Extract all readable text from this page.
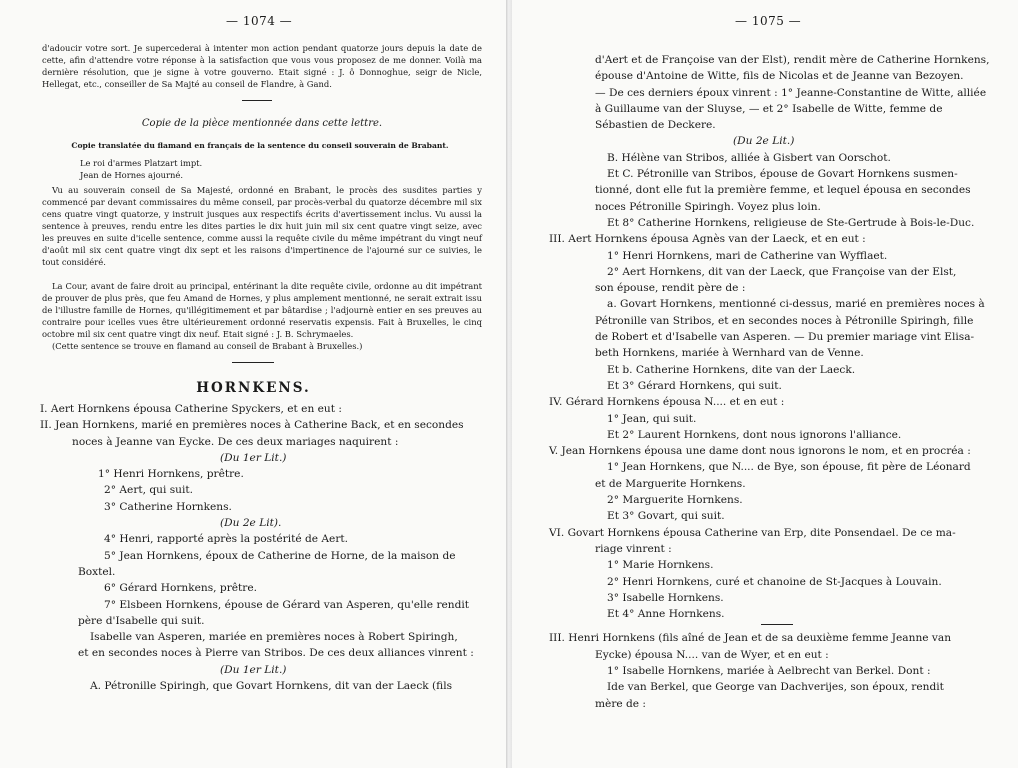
— 1074 —

d'adoucir votre sort. Je supercederai à intenter mon action pendant quatorze jours depuis la date de cette, afin d'attendre votre réponse à la satisfaction que vous vous proposez de me donner. Voilà ma dernière résolution, que je signe à votre gouverno. Etait signé : J. ô Donnoghue, seigr de Nicle, Hellegat, etc., conseiller de Sa Majté au conseil de Flandre, à Gand.

Copie de la pièce mentionnée dans cette lettre.
Copie translatée du flamand en français de la sentence du conseil souverain de Brabant.

Le roi d'armes Platzart impt.

Jean de Hornes ajourné.

Vu au souverain conseil de Sa Majesté, ordonné en Brabant, le procès des susdites parties y commencé par devant commissaires du même conseil, par procès-verbal du quatorze décembre mil six cens quatre vingt quatorze, y instruit jusques aux respectifs écrits d'avertissement inclus. Vu aussi la sentence à preuves, rendu entre les dites parties le dix huit juin mil six cent quatre vingt seize, avec les preuves en suite d'icelle sentence, comme aussi la requête civile du même impétrant du vingt neuf d'août mil six cent quatre vingt dix sept et les raisons d'impertinence de l'ajourné sur ce suivies, le tout considéré.

La Cour, avant de faire droit au principal, entérinant la dite requête civile, ordonne au dit impétrant de prouver de plus près, que feu Amand de Hornes, y plus amplement mentionné, ne serait extrait issu de l'illustre famille de Hornes, qu'illégitimement et par bâtardise ; l'adjournè entier en ses preuves au contraire pour icelles vues être ultérieurement ordonné reservatis expensis. Fait à Bruxelles, le cinq octobre mil six cent quatre vingt dix neuf. Etait signé : J. B. Schrymaeles.

(Cette sentence se trouve en flamand au conseil de Brabant à Bruxelles.)
HORNKENS.
I. Aert Hornkens épousa Catherine Spyckers, et en eut :
II. Jean Hornkens, marié en premières noces à Catherine Back, et en secondes
noces à Jeanne van Eycke. De ces deux mariages naquirent :
(Du 1er Lit.)
1° Henri Hornkens, prêtre.
2° Aert, qui suit.
3° Catherine Hornkens.
(Du 2e Lit).
4° Henri, rapporté après la postérité de Aert.
5° Jean Hornkens, époux de Catherine de Horne, de la maison de
Boxtel.
6° Gérard Hornkens, prêtre.
7° Elsbeen Hornkens, épouse de Gérard van Asperen, qu'elle rendit
père d'Isabelle qui suit.
Isabelle van Asperen, mariée en premières noces à Robert Spiringh,
et en secondes noces à Pierre van Stribos. De ces deux alliances vinrent :
(Du 1er Lit.)
A. Pétronille Spiringh, que Govart Hornkens, dit van der Laeck (fils
— 1075 —
d'Aert et de Françoise van der Elst), rendit mère de Catherine Hornkens,
épouse d'Antoine de Witte, fils de Nicolas et de Jeanne van Bezoyen.
— De ces derniers époux vinrent : 1° Jeanne-Constantine de Witte, alliée
à Guillaume van der Sluyse, — et 2° Isabelle de Witte, femme de
Sébastien de Deckere.
(Du 2e Lit.)
B. Hélène van Stribos, alliée à Gisbert van Oorschot.
Et C. Pétronille van Stribos, épouse de Govart Hornkens susmen-
tionné, dont elle fut la première femme, et lequel épousa en secondes
noces Pétronille Spiringh. Voyez plus loin.
Et 8° Catherine Hornkens, religieuse de Ste-Gertrude à Bois-le-Duc.
III. Aert Hornkens épousa Agnès van der Laeck, et en eut :
1° Henri Hornkens, mari de Catherine van Wyfflaet.
2° Aert Hornkens, dit van der Laeck, que Françoise van der Elst,
son épouse, rendit père de :
a. Govart Hornkens, mentionné ci-dessus, marié en premières noces à
Pétronille van Stribos, et en secondes noces à Pétronille Spiringh, fille
de Robert et d'Isabelle van Asperen. — Du premier mariage vint Elisa-
beth Hornkens, mariée à Wernhard van de Venne.
Et b. Catherine Hornkens, dite van der Laeck.
Et 3° Gérard Hornkens, qui suit.
IV. Gérard Hornkens épousa N.... et en eut :
1° Jean, qui suit.
Et 2° Laurent Hornkens, dont nous ignorons l'alliance.
V. Jean Hornkens épousa une dame dont nous ignorons le nom, et en procréa :
1° Jean Hornkens, que N.... de Bye, son épouse, fit père de Léonard
et de Marguerite Hornkens.
2° Marguerite Hornkens.
Et 3° Govart, qui suit.
VI. Govart Hornkens épousa Catherine van Erp, dite Ponsendael. De ce ma-
riage vinrent :
1° Marie Hornkens.
2° Henri Hornkens, curé et chanoine de St-Jacques à Louvain.
3° Isabelle Hornkens.
Et 4° Anne Hornkens.
III. Henri Hornkens (fils aîné de Jean et de sa deuxième femme Jeanne van
Eycke) épousa N.... van de Wyer, et en eut :
1° Isabelle Hornkens, mariée à Aelbrecht van Berkel. Dont :
Ide van Berkel, que George van Dachverijes, son époux, rendit
mère de :
